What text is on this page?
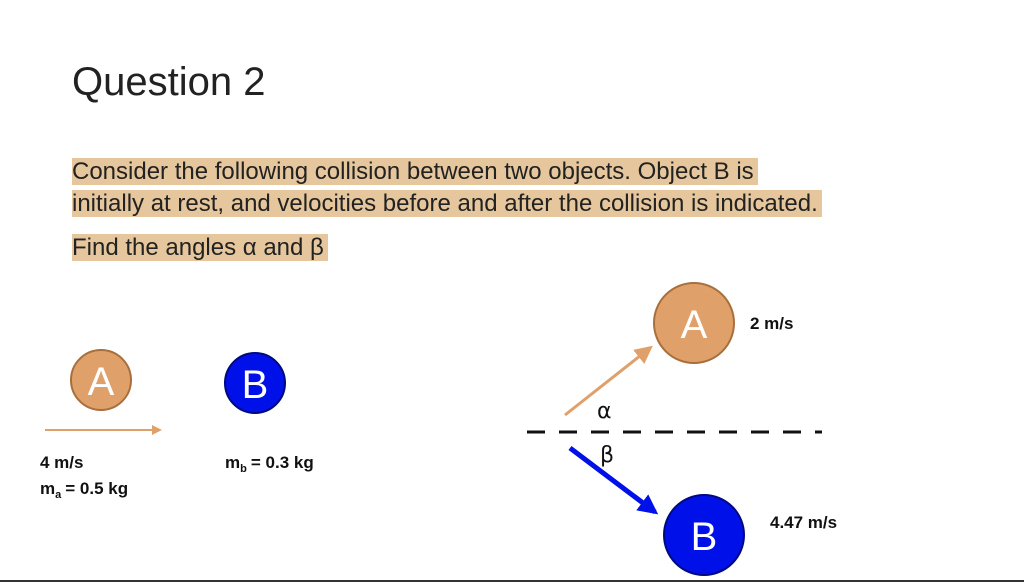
Question 2
Consider the following collision between two objects. Object B is
initially at rest, and velocities before and after the collision is indicated.
Find the angles α and β
A
4 m/s
$m_a = 0.5$ kg
B
$m_b = 0.3$ kg
A	2 m/s
α
B	4.47 m/s
β
